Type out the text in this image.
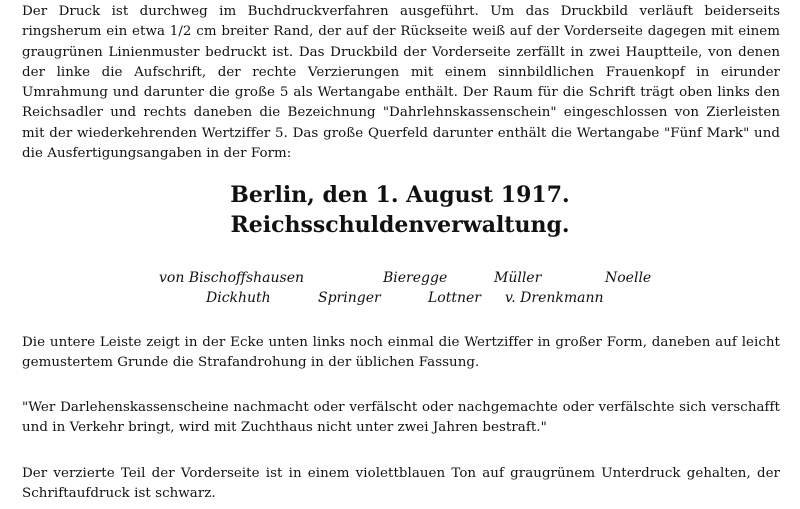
Der Druck ist durchweg im Buchdruckverfahren ausgeführt. Um das Druckbild verläuft beiderseits ringsherum ein etwa 1/2 cm breiter Rand, der auf der Rückseite weiß auf der Vorderseite dagegen mit einem graugrünen Linienmuster bedruckt ist. Das Druckbild der Vorderseite zerfällt in zwei Hauptteile, von denen der linke die Aufschrift, der rechte Verzierungen mit einem sinnbildlichen Frauenkopf in eirunder Umrahmung und darunter die große 5 als Wertangabe enthält. Der Raum für die Schrift trägt oben links den Reichsadler und rechts daneben die Bezeichnung "Dahrlehnskassenschein" eingeschlossen von Zierleisten mit der wiederkehrenden Wertziffer 5. Das große Querfeld darunter enthält die Wertangabe "Fünf Mark" und die Ausfertigungsangaben in der Form:

Berlin, den 1. August 1917.
Reichsschuldenverwaltung.
von Bischoffshausen	Bieregge	Müller	Noelle
Dickhuth	Springer	Lottner v. Drenkmann

Die untere Leiste zeigt in der Ecke unten links noch einmal die Wertziffer in großer Form, daneben auf leicht gemustertem Grunde die Strafandrohung in der üblichen Fassung.

"Wer Darlehenskassenscheine nachmacht oder verfälscht oder nachgemachte oder verfälschte sich verschafft und in Verkehr bringt, wird mit Zuchthaus nicht unter zwei Jahren bestraft."

Der verzierte Teil der Vorderseite ist in einem violettblauen Ton auf graugrünem Unterdruck gehalten, der Schriftaufdruck ist schwarz.
